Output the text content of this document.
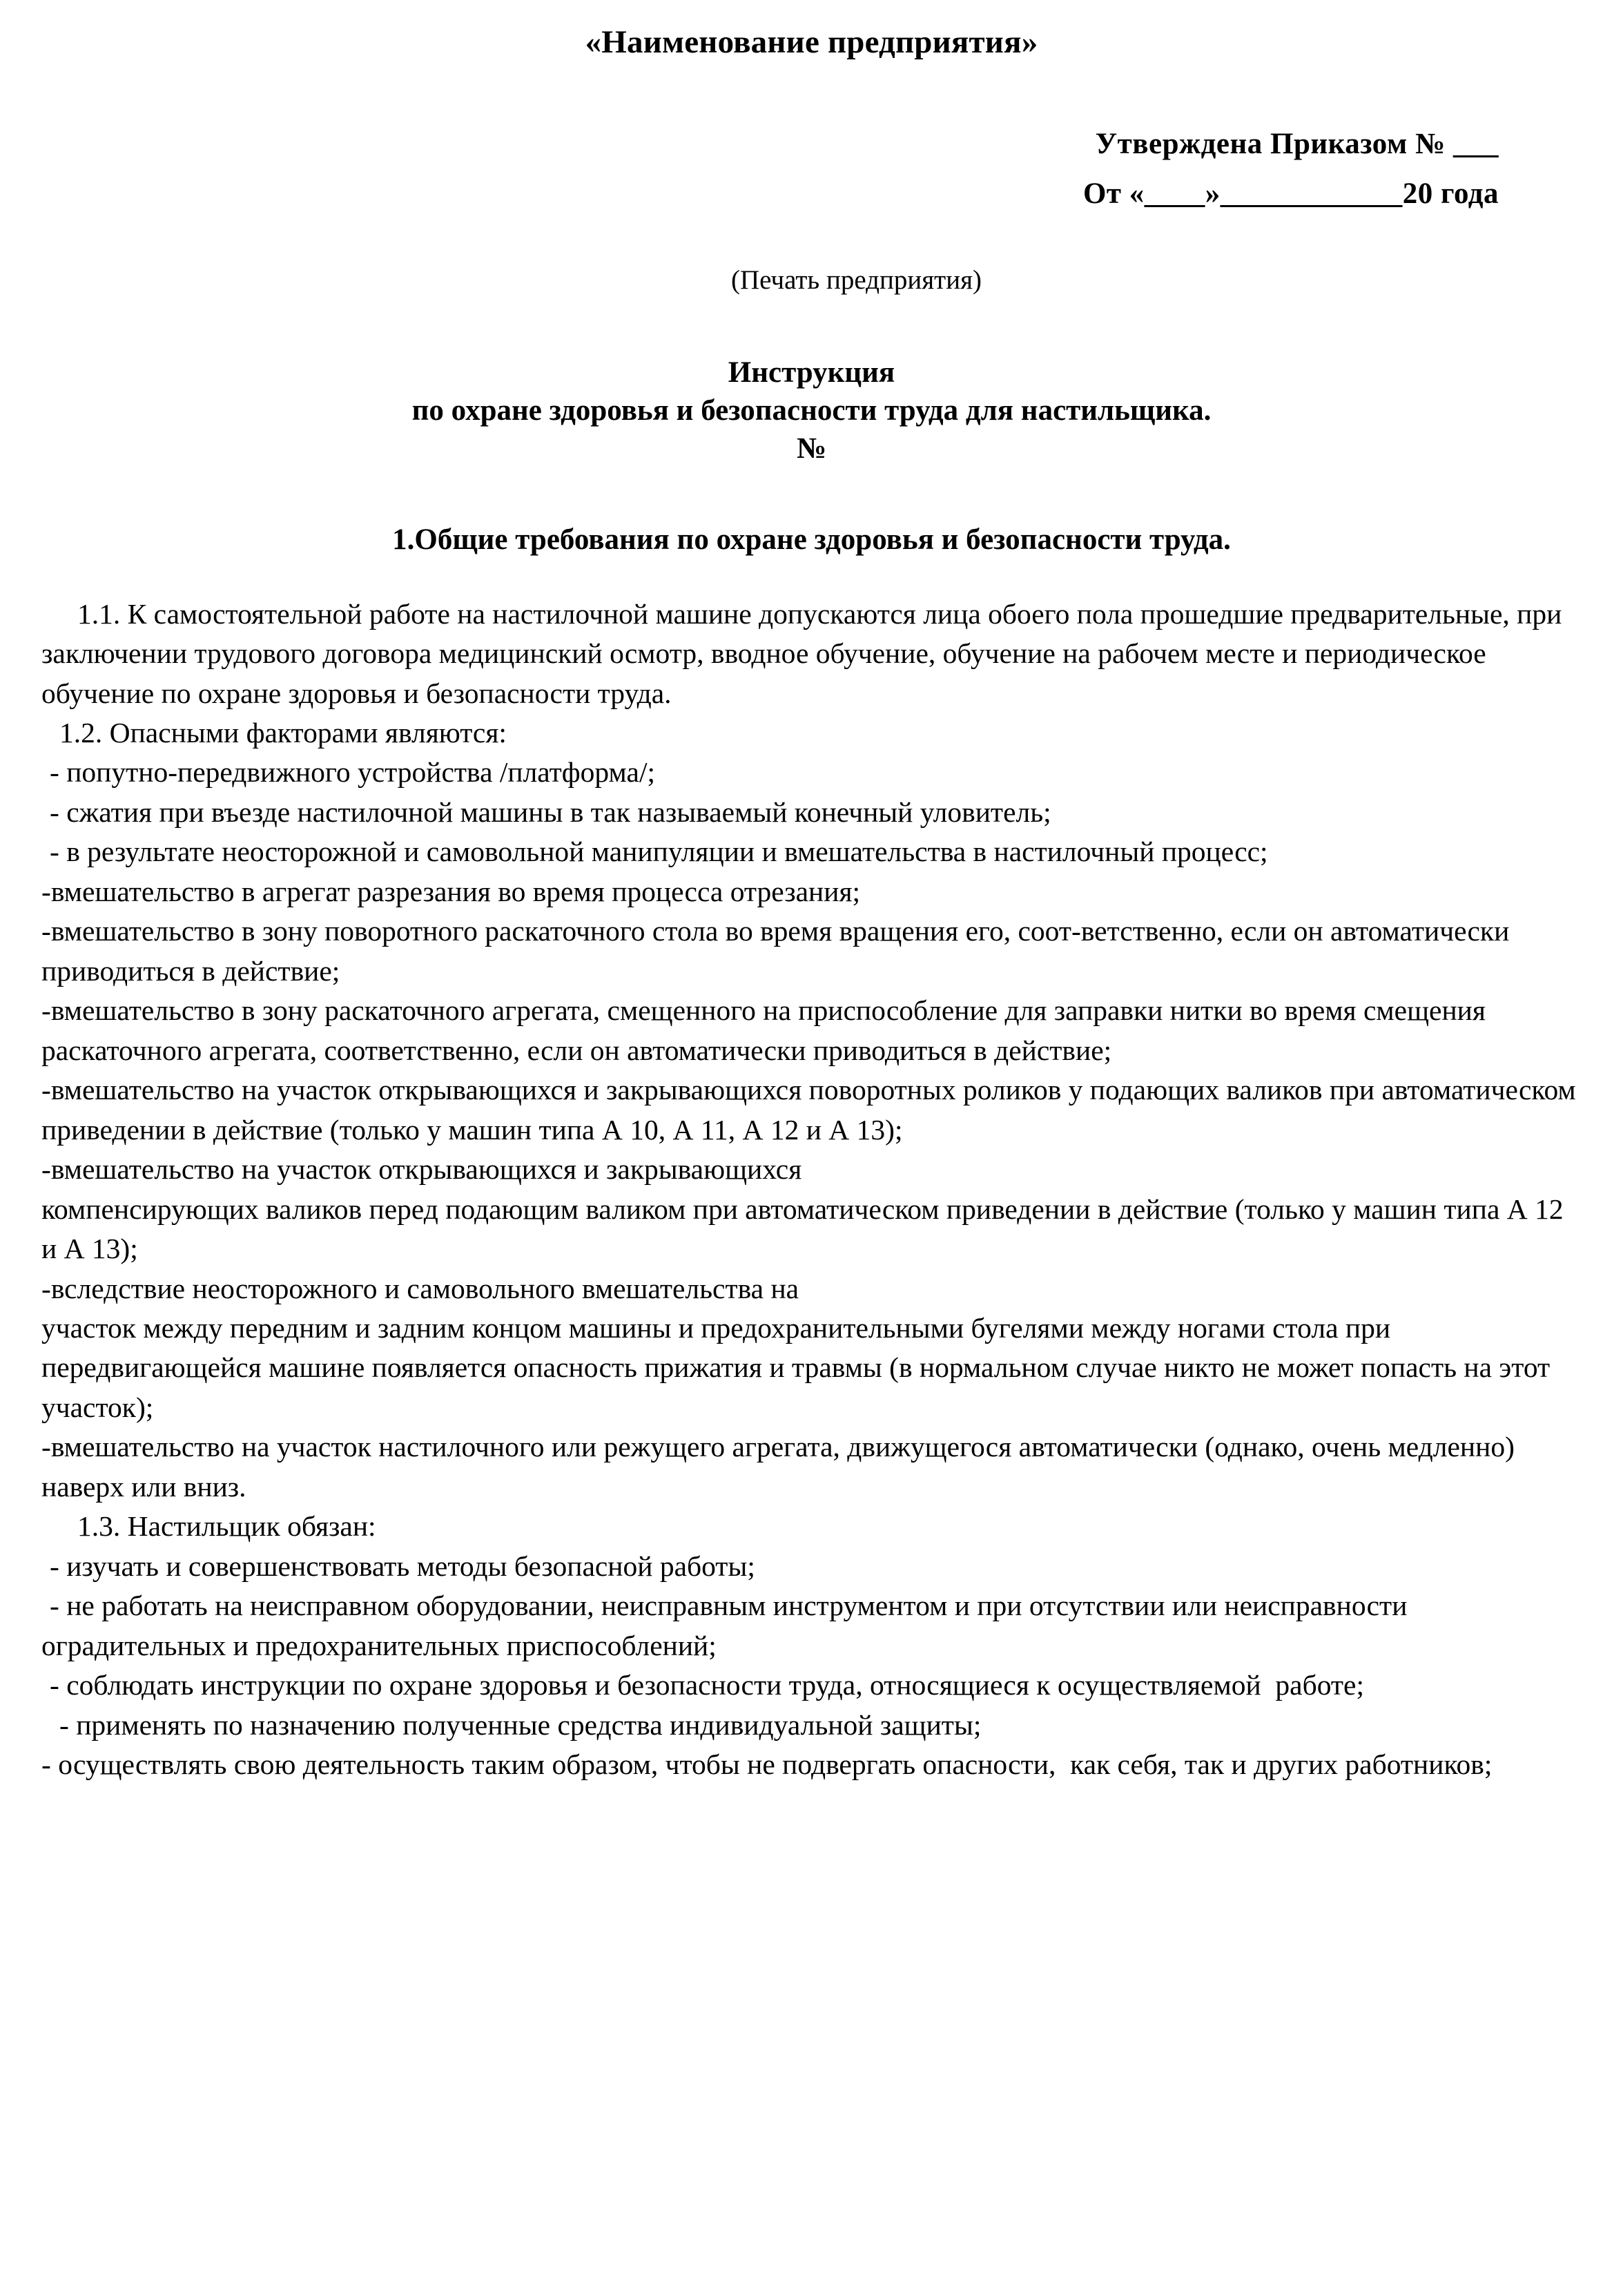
«Наименование предприятия»
Утверждена Приказом № ___
От «____»____________20 года
(Печать предприятия)
Инструкция
по охране здоровья и безопасности труда для настильщика.
№
1.Общие требования по охране здоровья и безопасности труда.

1.1. К самостоятельной работе на настилочной машине допускаются лица обоего пола прошедшие предварительные, при заключении трудового договора медицинский осмотр, вводное обучение, обучение на рабочем месте и периодическое обучение по охране здоровья и безопасности труда.

1.2. Опасными факторами являются:

- попутно-передвижного устройства /платформа/;

- сжатия при въезде настилочной машины в так называемый конечный уловитель;

- в результате неосторожной и самовольной манипуляции и вмешательства в настилочный процесс;

-вмешательство в агрегат разрезания во время процесса отрезания;

-вмешательство в зону поворотного раскаточного стола во время вращения его, соот-ветственно, если он автоматически приводиться в действие;

-вмешательство в зону раскаточного агрегата, смещенного на приспособление для заправки нитки во время смещения раскаточного агрегата, соответственно, если он автоматически приводиться в действие;

-вмешательство на участок открывающихся и закрывающихся поворотных роликов у подающих валиков при автоматическом приведении в действие (только у машин типа А 10, А 11, А 12 и А 13);

-вмешательство на участок открывающихся и закрывающихся

компенсирующих валиков перед подающим валиком при автоматическом приведении в действие (только у машин типа А 12 и А 13);

-вследствие неосторожного и самовольного вмешательства на

участок между передним и задним концом машины и предохранительными бугелями между ногами стола при передвигающейся машине появляется опасность прижатия и травмы (в нормальном случае никто не может попасть на этот участок);

-вмешательство на участок настилочного или режущего агрегата, движущегося автоматически (однако, очень медленно) наверх или вниз.

1.3. Настильщик обязан:

- изучать и совершенствовать методы безопасной работы;

- не работать на неисправном оборудовании, неисправным инструментом и при отсутствии или неисправности оградительных и предохранительных приспособлений;

- соблюдать инструкции по охране здоровья и безопасности труда, относящиеся к осуществляемой  работе;

- применять по назначению полученные средства индивидуальной защиты;

- осуществлять свою деятельность таким образом, чтобы не подвергать опасности,  как себя, так и других работников;
